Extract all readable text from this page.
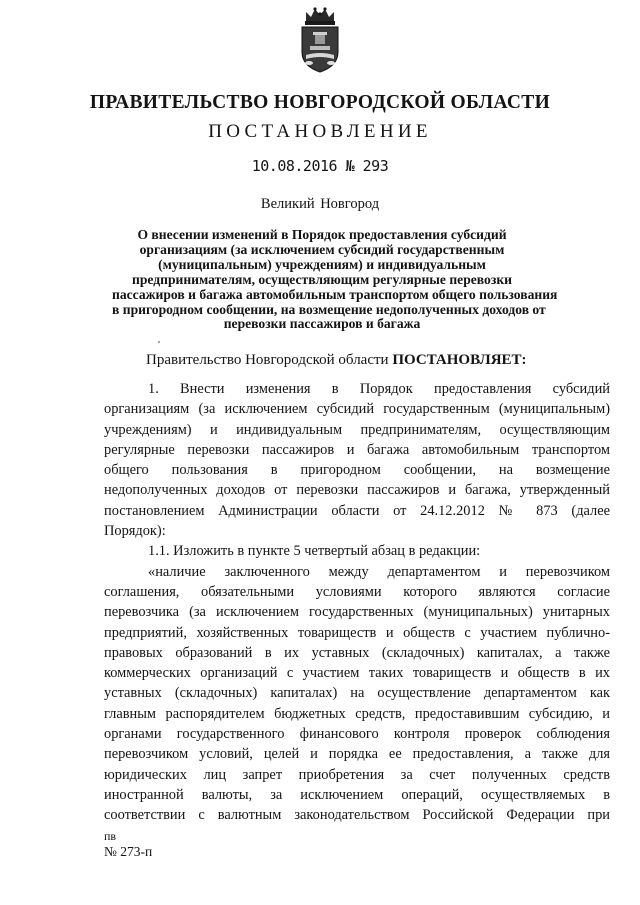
ПРАВИТЕЛЬСТВО НОВГОРОДСКОЙ ОБЛАСТИ
ПОСТАНОВЛЕНИЕ
10.08.2016 № 293
Великий Новгород
О внесении изменений в Порядок предоставления субсидий
организациям (за исключением субсидий государственным
(муниципальным) учреждениям) и индивидуальным
предпринимателям, осуществляющим регулярные перевозки
пассажиров и багажа автомобильным транспортом общего пользования
в пригородном сообщении, на возмещение недополученных доходов от
перевозки пассажиров и багажа
Правительство Новгородской области ПОСТАНОВЛЯЕТ:
1. Внести изменения в Порядок предоставления субсидий
организациям (за исключением субсидий государственным (муниципальным)
учреждениям) и индивидуальным предпринимателям, осуществляющим
регулярные перевозки пассажиров и багажа автомобильным транспортом
общего пользования в пригородном сообщении, на возмещение
недополученных доходов от перевозки пассажиров и багажа, утвержденный
постановлением Администрации области от 24.12.2012 № 873 (далее
Порядок):
1.1. Изложить в пункте 5 четвертый абзац в редакции:
«наличие заключенного между департаментом и перевозчиком
соглашения, обязательными условиями которого являются согласие
перевозчика (за исключением государственных (муниципальных) унитарных
предприятий, хозяйственных товариществ и обществ с участием публично-
правовых образований в их уставных (складочных) капиталах, а также
коммерческих организаций с участием таких товариществ и обществ в их
уставных (складочных) капиталах) на осуществление департаментом как
главным распорядителем бюджетных средств, предоставившим субсидию, и
органами государственного финансового контроля проверок соблюдения
перевозчиком условий, целей и порядка ее предоставления, а также для
юридических лиц запрет приобретения за счет полученных средств
иностранной валюты, за исключением операций, осуществляемых в
соответствии с валютным законодательством Российской Федерации при
пв
№ 273-п
